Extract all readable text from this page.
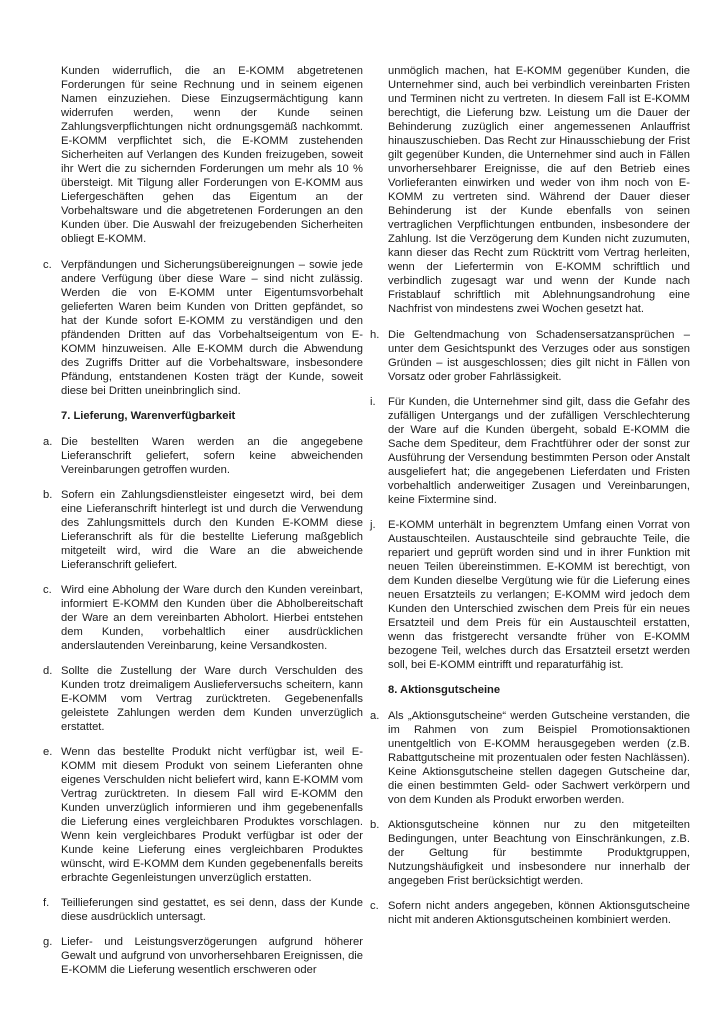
Kunden widerruflich, die an E-KOMM abgetretenen Forderungen für seine Rechnung und in seinem eigenen Namen einzuziehen. Diese Einzugsermächtigung kann widerrufen werden, wenn der Kunde seinen Zahlungsverpflichtungen nicht ordnungsgemäß nachkommt. E-KOMM verpflichtet sich, die E-KOMM zustehenden Sicherheiten auf Verlangen des Kunden freizugeben, soweit ihr Wert die zu sichernden Forderungen um mehr als 10 % übersteigt. Mit Tilgung aller Forderungen von E-KOMM aus Liefergeschäften gehen das Eigentum an der Vorbehaltsware und die abgetretenen Forderungen an den Kunden über. Die Auswahl der freizugebenden Sicherheiten obliegt E-KOMM.

c. Verpfändungen und Sicherungsübereignungen – sowie jede andere Verfügung über diese Ware – sind nicht zulässig. Werden die von E-KOMM unter Eigentumsvorbehalt gelieferten Waren beim Kunden von Dritten gepfändet, so hat der Kunde sofort E-KOMM zu verständigen und den pfändenden Dritten auf das Vorbehaltseigentum von E-KOMM hinzuweisen. Alle E-KOMM durch die Abwendung des Zugriffs Dritter auf die Vorbehaltsware, insbesondere Pfändung, entstandenen Kosten trägt der Kunde, soweit diese bei Dritten uneinbringlich sind.
7. Lieferung, Warenverfügbarkeit
a. Die bestellten Waren werden an die angegebene Lieferanschrift geliefert, sofern keine abweichenden Vereinbarungen getroffen wurden.
b. Sofern ein Zahlungsdienstleister eingesetzt wird, bei dem eine Lieferanschrift hinterlegt ist und durch die Verwendung des Zahlungsmittels durch den Kunden E-KOMM diese Lieferanschrift als für die bestellte Lieferung maßgeblich mitgeteilt wird, wird die Ware an die abweichende Lieferanschrift geliefert.
c. Wird eine Abholung der Ware durch den Kunden vereinbart, informiert E-KOMM den Kunden über die Abholbereitschaft der Ware an dem vereinbarten Abholort. Hierbei entstehen dem Kunden, vorbehaltlich einer ausdrücklichen anderslautenden Vereinbarung, keine Versandkosten.
d. Sollte die Zustellung der Ware durch Verschulden des Kunden trotz dreimaligem Auslieferversuchs scheitern, kann E-KOMM vom Vertrag zurücktreten. Gegebenenfalls geleistete Zahlungen werden dem Kunden unverzüglich erstattet.
e. Wenn das bestellte Produkt nicht verfügbar ist, weil E-KOMM mit diesem Produkt von seinem Lieferanten ohne eigenes Verschulden nicht beliefert wird, kann E-KOMM vom Vertrag zurücktreten. In diesem Fall wird E-KOMM den Kunden unverzüglich informieren und ihm gegebenenfalls die Lieferung eines vergleichbaren Produktes vorschlagen. Wenn kein vergleichbares Produkt verfügbar ist oder der Kunde keine Lieferung eines vergleichbaren Produktes wünscht, wird E-KOMM dem Kunden gegebenenfalls bereits erbrachte Gegenleistungen unverzüglich erstatten.
f.	Teillieferungen sind gestattet, es sei denn, dass der Kunde diese ausdrücklich untersagt.
g. Liefer- und Leistungsverzögerungen aufgrund höherer Gewalt und aufgrund von unvorhersehbaren Ereignissen, die E-KOMM die Lieferung wesentlich erschweren oder

unmöglich machen, hat E-KOMM gegenüber Kunden, die Unternehmer sind, auch bei verbindlich vereinbarten Fristen und Terminen nicht zu vertreten. In diesem Fall ist E-KOMM berechtigt, die Lieferung bzw. Leistung um die Dauer der Behinderung zuzüglich einer angemessenen Anlauffrist hinauszuschieben. Das Recht zur Hinausschiebung der Frist gilt gegenüber Kunden, die Unternehmer sind auch in Fällen unvorhersehbarer Ereignisse, die auf den Betrieb eines Vorlieferanten einwirken und weder von ihm noch von E-KOMM zu vertreten sind. Während der Dauer dieser Behinderung ist der Kunde ebenfalls von seinen vertraglichen Verpflichtungen entbunden, insbesondere der Zahlung. Ist die Verzögerung dem Kunden nicht zuzumuten, kann dieser das Recht zum Rücktritt vom Vertrag herleiten, wenn der Liefertermin von E-KOMM schriftlich und verbindlich zugesagt war und wenn der Kunde nach Fristablauf schriftlich mit Ablehnungsandrohung eine Nachfrist von mindestens zwei Wochen gesetzt hat.

h. Die Geltendmachung von Schadensersatzansprüchen – unter dem Gesichtspunkt des Verzuges oder aus sonstigen Gründen – ist ausgeschlossen; dies gilt nicht in Fällen von Vorsatz oder grober Fahrlässigkeit.
i.	Für Kunden, die Unternehmer sind gilt, dass die Gefahr des zufälligen Untergangs und der zufälligen Verschlechterung der Ware auf die Kunden übergeht, sobald E-KOMM die Sache dem Spediteur, dem Frachtführer oder der sonst zur Ausführung der Versendung bestimmten Person oder Anstalt ausgeliefert hat; die angegebenen Lieferdaten und Fristen vorbehaltlich anderweitiger Zusagen und Vereinbarungen, keine Fixtermine sind.
j.	E-KOMM unterhält in begrenztem Umfang einen Vorrat von Austauschteilen. Austauschteile sind gebrauchte Teile, die repariert und geprüft worden sind und in ihrer Funktion mit neuen Teilen übereinstimmen. E-KOMM ist berechtigt, von dem Kunden dieselbe Vergütung wie für die Lieferung eines neuen Ersatzteils zu verlangen; E-KOMM wird jedoch dem Kunden den Unterschied zwischen dem Preis für ein neues Ersatzteil und dem Preis für ein Austauschteil erstatten, wenn das fristgerecht versandte früher von E-KOMM bezogene Teil, welches durch das Ersatzteil ersetzt werden soll, bei E-KOMM eintrifft und reparaturfähig ist.
8. Aktionsgutscheine
a. Als „Aktionsgutscheine“ werden Gutscheine verstanden, die im Rahmen von zum Beispiel Promotionsaktionen unentgeltlich von E-KOMM herausgegeben werden (z.B. Rabattgutscheine mit prozentualen oder festen Nachlässen). Keine Aktionsgutscheine stellen dagegen Gutscheine dar, die einen bestimmten Geld- oder Sachwert verkörpern und von dem Kunden als Produkt erworben werden.
b. Aktionsgutscheine können nur zu den mitgeteilten Bedingungen, unter Beachtung von Einschränkungen, z.B. der Geltung für bestimmte Produktgruppen, Nutzungshäufigkeit und insbesondere nur innerhalb der angegeben Frist berücksichtigt werden.
c. Sofern nicht anders angegeben, können Aktionsgutscheine nicht mit anderen Aktionsgutscheinen kombiniert werden.
